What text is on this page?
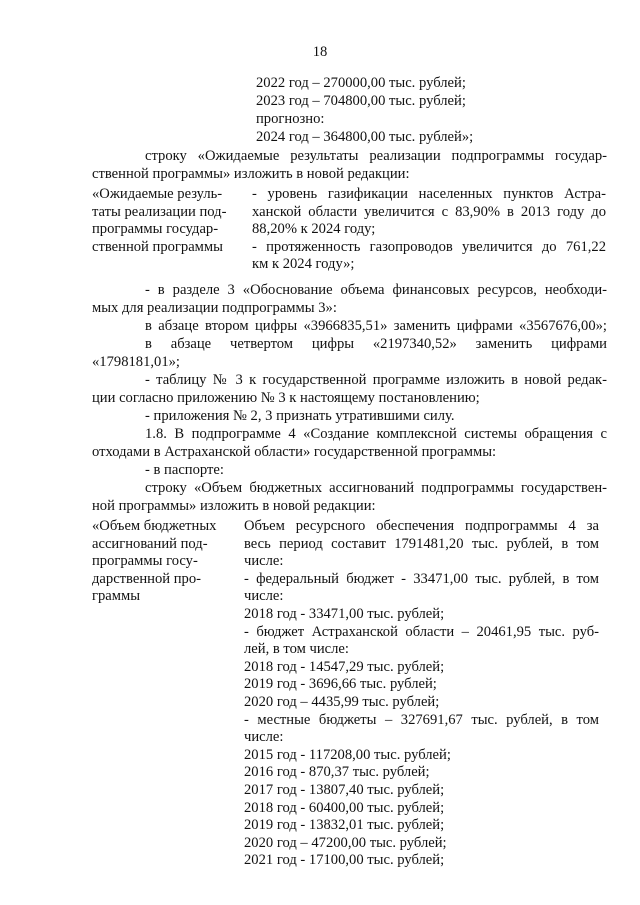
18
2022 год – 270000,00 тыс. рублей;
2023 год – 704800,00 тыс. рублей;
прогнозно:
2024 год – 364800,00 тыс. рублей»;
строку «Ожидаемые результаты реализации подпрограммы государ-
ственной программы» изложить в новой редакции:
«Ожидаемые резуль-
таты реализации под-
программы государ-
ственной программы
- уровень газификации населенных пунктов Астра-
ханской области увеличится с 83,90% в 2013 году до
88,20% к 2024 году;
- протяженность газопроводов увеличится до 761,22
км к 2024 году»;
- в разделе 3 «Обоснование объема финансовых ресурсов, необходи-
мых для реализации подпрограммы 3»:
в абзаце втором цифры «3966835,51» заменить цифрами «3567676,00»;
в абзаце четвертом цифры «2197340,52» заменить цифрами
«1798181,01»;
- таблицу № 3 к государственной программе изложить в новой редак-
ции согласно приложению № 3 к настоящему постановлению;
- приложения № 2, 3 признать утратившими силу.
1.8. В подпрограмме 4 «Создание комплексной системы обращения с
отходами в Астраханской области» государственной программы:
- в паспорте:
строку «Объем бюджетных ассигнований подпрограммы государствен-
ной программы» изложить в новой редакции:
«Объем бюджетных
ассигнований под-
программы госу-
дарственной про-
граммы
Объем ресурсного обеспечения подпрограммы 4 за
весь период составит 1791481,20 тыс. рублей, в том
числе:
- федеральный бюджет - 33471,00 тыс. рублей, в том
числе:
2018 год - 33471,00 тыс. рублей;
- бюджет Астраханской области – 20461,95 тыс. руб-
лей, в том числе:
2018 год - 14547,29 тыс. рублей;
2019 год - 3696,66 тыс. рублей;
2020 год – 4435,99 тыс. рублей;
- местные бюджеты – 327691,67 тыс. рублей, в том
числе:
2015 год - 117208,00 тыс. рублей;
2016 год - 870,37 тыс. рублей;
2017 год - 13807,40 тыс. рублей;
2018 год - 60400,00 тыс. рублей;
2019 год - 13832,01 тыс. рублей;
2020 год – 47200,00 тыс. рублей;
2021 год - 17100,00 тыс. рублей;
